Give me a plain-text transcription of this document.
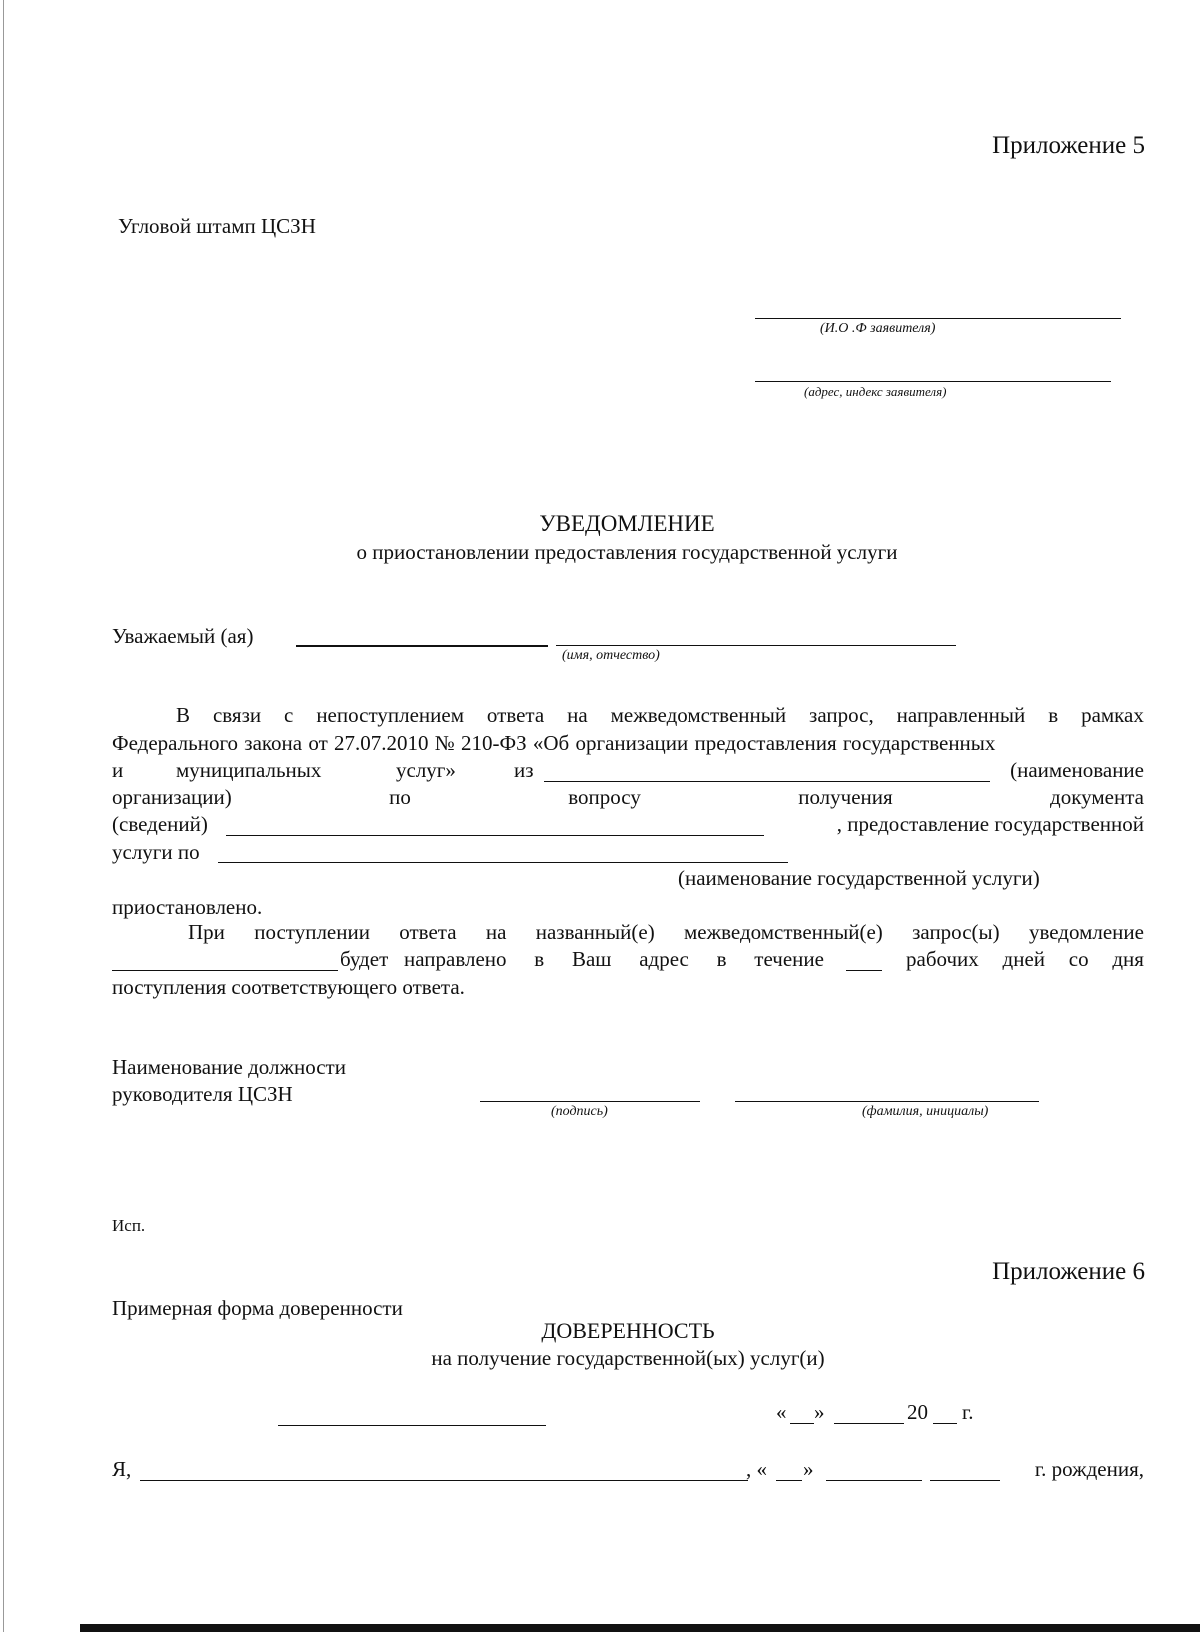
Приложение 5
Угловой штамп ЦСЗН
(И.О .Ф заявителя)
(адрес, индекс заявителя)
УВЕДОМЛЕНИЕ
о приостановлении предоставления государственной услуги
Уважаемый (ая)
(имя, отчество)
В связи с непоступлением ответа на межведомственный запрос, направленный в рамках
Федерального закона от 27.07.2010 № 210-ФЗ «Об организации предоставления государственных
и	муниципальных	услуг»	из	(наименование
организации)	по	вопросу	получения	документа
(сведений)	, предоставление государственной
услуги по
(наименование государственной услуги)
приостановлено.
При поступлении ответа на названный(е) межведомственный(е) запрос(ы) уведомление
будет направлено в Ваш адрес в течение	рабочих дней со дня
поступления соответствующего ответа.
Наименование должности
руководителя ЦСЗН
(подпись)	(фамилия, инициалы)
Исп.
Приложение 6
Примерная форма доверенности
ДОВЕРЕННОСТЬ
на получение государственной(ых) услуг(и)
« »	20 г.
Я,	, « »	г. рождения,
